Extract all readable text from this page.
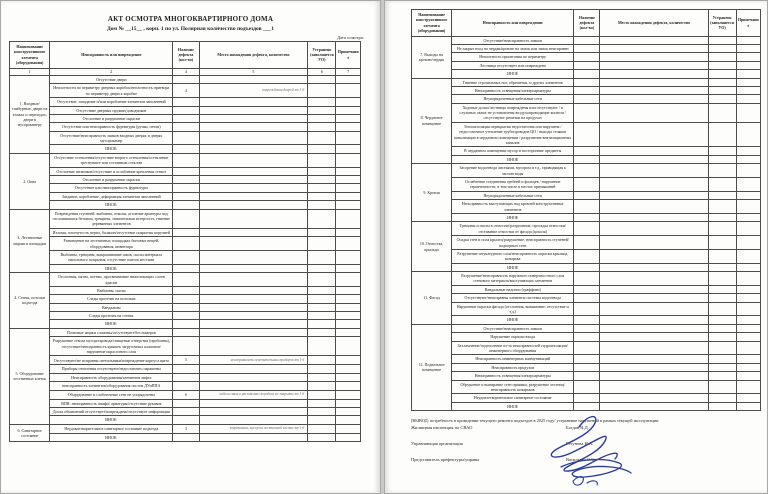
АКТ ОСМОТРА МНОГОКВАРТИРНОГО ДОМА
Дом № __15__ , корп. 1 по ул. Полярная количество подъездов ___1
Дата осмотра:
Наименование конструктивного элемента (оборудования)	Неисправность или повреждение	Наличие дефекта (кол-во)	Место нахождения дефекта, количество	Устранено (заполняется УО)	Примечание
1	2	4	5	6	7
1. Входные/тамбурные, двери на этажах и переходах, двери в мусорокамеру	Отсутствие двери				
	Неплотности по периметру дверных коробок/неплотность притвора по периметру двери к коробке	4	повреждения дверей эт 1-6		
	Отсутствие, западание и/или коробление элементов заполнений				
	Отсутствие дверных пружин/доводчиков				
	Отслоение и разрушение окраски				
	Отсутствие или неисправность фурнитуры (ручки, петли)				
	Отсутствие/неисправность замков входных дверях и дверях мусорокамер				
	ИНОЕ:				
2. Окна	Отсутствие остекления/отсутствие второго остекления/остекление треснувшее или составным стеклом				
	Отслоение штапиков/отсутствие и ослабление крепления стекол				
	Отслоение и разрушение окраски				
	Отсутствие или неисправность фурнитуры				
	Заедание, коробление, деформация элементов заполнений				
	ИНОЕ:				
3. Лестничные марши и площадки	Повреждения ступеней: выбоины, отколы, оголение арматуры под отслоившимся бетоном, трещины, значительная истертость, гниение деревянных элементов				
	Изломы, изогнутость перил, балясин/отсутствие покрытия поручней				
	Размещение на лестничных площадках бытовых вещей, оборудования, инвентаря				
	Выбоины, трещины, выкрашивание швов, сколы материала напольного покрытия, отсутствие плиток местами				
	ИНОЕ:				
4. Стены, потолки подъезда	Отслоения, пятна, потеки, просвечивание нижележащих слоев краски				
	Выбоины, сколы				
	Следы протечек на потолках				
	Вандализм				
	Следы протечек на стенах				
	ИНОЕ:				
5. Оборудование лестничных клеток	Почтовые ящики сломаны/отсутствуют/без номеров				
	Разрушение ствола мусоропровода/свищевые отверстия (пробоины), отсутствие/неисправность крышек загрузочных клапанов/ нарушение окрасочного слоя				
	Отсутствуют/не исправны светильники/повреждение корпуса щита	3	неисправность осветительных приборов эт 1-6		
	Приборы отопления отсутствуют/недостаточно окрашены				
	Неисправность оборудования/элементов лифта				
	неисправность элементов/оборудования систем ДУиППА				
	Оборудование и слаботочные сети не упорядочены	6	кабели связи в распаячных коробках не закрыты эт 1-6		
	ВПВ: неисправность шкафа/ арматуры/отсутствие рукавов				
	Доска объявлений отсутствует/повреждена/отсутствует информация				
	ИНОЕ:				
6. Санитарное состояние	Неудовлетворительное санитарное состояние подъезда	3	загрязнения, мусор на лестничной клетке эт 1-6		
	ИНОЕ:				
Наименование конструктивного элемента (оборудования)	Неисправность или повреждение	Наличие дефекта (кол-во)	Место нахождения дефекта, количество	Устранено (заполняется УО)	Примечание
7. Выходы на кровлю/чердак	Отсутствие/неисправность замков				
	Не закрыт вход на чердак/кровлю на замок или замок неисправен				
	Неплотность прилегания по периметру				
	Лестница отсутствует или повреждена				
	ИНОЕ				
8. Чердачное помещение	Гниение стропильных ног, обрешетки, и других элементов				
	Неисправность освещения/электроарматуры				
	Неупорядоченные кабельные сети				
	Ходовые доски/лестницы повреждены или отсутствуют / в слуховых окнах не установлены воздухопроводящие жалюзи / отсутствуют решетки на продухах				
	Теплоизоляция перекрытия недостаточна или нарушена / недостаточное утепление трубопроводов ЦО / выходы стояков канализации в чердачном помещении / разрушение вентиляционных каналов				
	В чердачном помещении мусор и посторонние предметы				
	ИНОЕ				
9. Кровля	Засорение водоотвода листьями, мусором и т.д., приводящая к застою воды				
	Ослабление соединения гребней и фальцев / нарушение герметичности, в том числе в местах примыканий				
	Неупорядоченные кабельные сети				
	Неисправность выступающих над кровлей конструктивных элементов				
	ИНОЕ				
10. Отмостка, крыльца	Трещины и сколы в отмостке/разрушение, просадка отмостки/отставание отмостки от фасада (цоколя)				
	Осадка стен и пола крылец/разрушение, неисправность ступеней/подпорных стен				
	Разрушение штукатурного слоя/неисправность окраски крыльца, козырька				
	ИНОЕ				
11. Фасад	Разрушение/неисправность наружного поверхностного слоя стенового материала/выступающих элементов				
	Вандальные надписи (граффити)				
	Отсутствуют/неисправны элементы системы водоотвода				
	Нарушение окраски фасада (отслоения, вымывание, отсутствие и т.д.)				
	ИНОЕ				
12. Подвальное помещение	Отсутствие/неисправность замков				
	Нарушение окраски входа				
	Захламление/подтопление из-за неисправностей гидроизоляции/инженерного оборудования				
	Неисправность инженерных коммуникаций				
	Неисправность продухов				
	Неисправность освещения/электроарматуры				
	Обрушение и выпирание стен приямка, разрушение лестниц/неисправность козырьков				
	Неудовлетворительное санитарное состояние				
	ИНОЕ				
[ВЫВОД: потребность в проведении текущего ремонта подъездов в 2025 году/ устранение нарушений в рамках текущей эксплуатации
Жилищная инспекция по СВАО	Богдан Н.Д.
Управляющая организация	Ретунова Н.А.
Представитель префектуры/управы	Васильева О.С.
